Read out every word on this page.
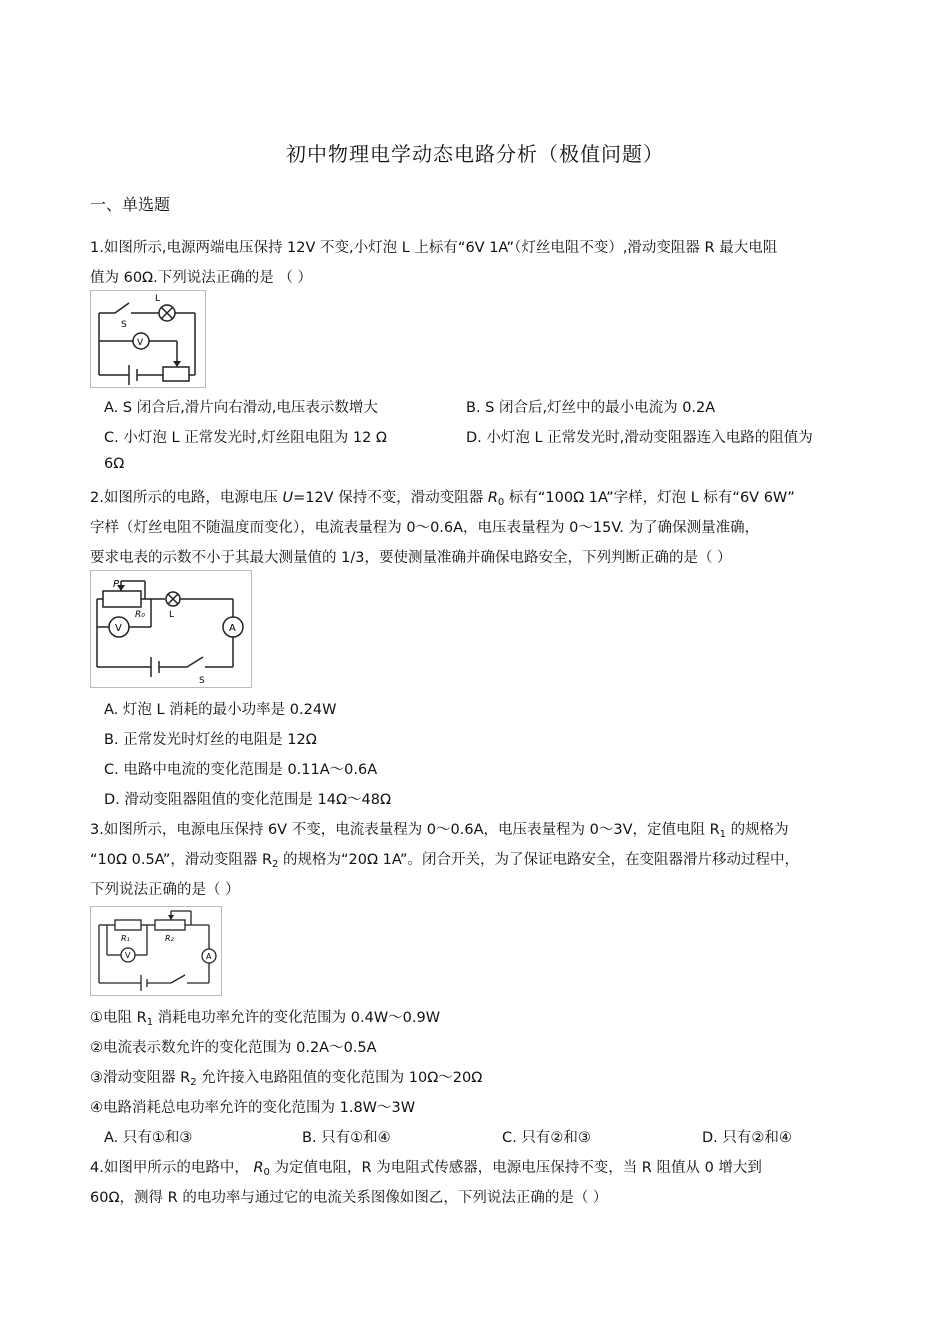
初中物理电学动态电路分析（极值问题）
一、单选题
1.如图所示,电源两端电压保持 12V 不变,小灯泡 L 上标有“6V 1A”（灯丝电阻不变）,滑动变阻器 R 最大电阻
值为 60Ω.下列说法正确的是 （ ）
S
L
V
A. S 闭合后,滑片向右滑动,电压表示数增大	B. S 闭合后,灯丝中的最小电流为 0.2A
C. 小灯泡 L 正常发光时,灯丝阻电阻为 12 Ω	D. 小灯泡 L 正常发光时,滑动变阻器连入电路的阻值为
6Ω
2.如图所示的电路，电源电压 U=12V 保持不变，滑动变阻器 $R_0$ 标有“100Ω 1A”字样，灯泡 L 标有“6V 6W”
字样（灯丝电阻不随温度而变化），电流表量程为 0～0.6A，电压表量程为 0～15V. 为了确保测量准确，
要求电表的示数不小于其最大测量值的 1/3，要使测量准确并确保电路安全，下列判断正确的是（ ）
P
R₀	L
V	A
S
A. 灯泡 L 消耗的最小功率是 0.24W
B. 正常发光时灯丝的电阻是 12Ω
C. 电路中电流的变化范围是 0.11A～0.6A
D. 滑动变阻器阻值的变化范围是 14Ω～48Ω
3.如图所示，电源电压保持 6V 不变，电流表量程为 0～0.6A，电压表量程为 0～3V，定值电阻 $R_1$ 的规格为
“10Ω 0.5A”，滑动变阻器 $R_2$ 的规格为“20Ω 1A”。闭合开关，为了保证电路安全，在变阻器滑片移动过程中，
下列说法正确的是（ ）
R₁	R₂
V	A
①电阻 $R_1$ 消耗电功率允许的变化范围为 0.4W～0.9W
②电流表示数允许的变化范围为 0.2A～0.5A
③滑动变阻器 $R_2$ 允许接入电路阻值的变化范围为 10Ω～20Ω
④电路消耗总电功率允许的变化范围为 1.8W～3W
A. 只有①和③	B. 只有①和④	C. 只有②和③	D. 只有②和④
4.如图甲所示的电路中， $R_0$ 为定值电阻，R 为电阻式传感器，电源电压保持不变，当 R 阻值从 0 增大到
60Ω，测得 R 的电功率与通过它的电流关系图像如图乙，下列说法正确的是（ ）
